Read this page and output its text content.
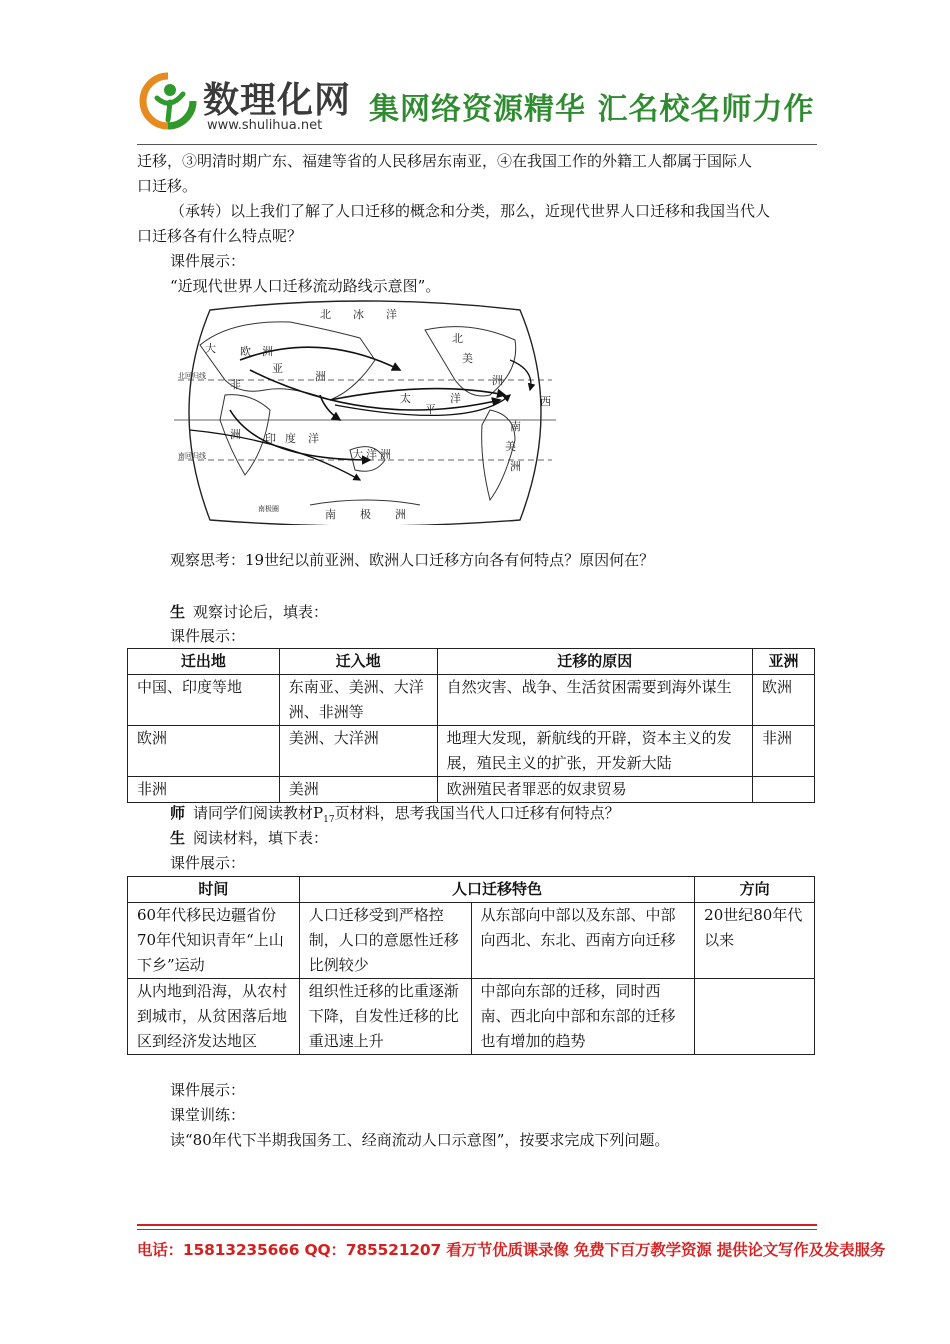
数理化网
www.shulihua.net 集网络资源精华 汇名校名师力作
迁移，③明清时期广东、福建等省的人民移居东南亚，④在我国工作的外籍工人都属于国际人
口迁移。
（承转）以上我们了解了人口迁移的概念和分类，那么，近现代世界人口迁移和我国当代人
口迁移各有什么特点呢？
课件展示：
“近现代世界人口迁移流动路线示意图”。
北 冰 洋
欧 洲
亚
洲
大
非
洲
北
美
洲
太
平
洋
印 度 洋
大 洋 洲
南
美
洲
西
南 极 洲
南回归线
北回归线
南极圈
观察思考：19世纪以前亚洲、欧洲人口迁移方向各有何特点？原因何在？
生 观察讨论后，填表：
课件展示：
迁出地	迁入地	迁移的原因	亚洲
中国、印度等地	东南亚、美洲、大洋洲、非洲等	自然灾害、战争、生活贫困需要到海外谋生	欧洲
欧洲	美洲、大洋洲	地理大发现，新航线的开辟，资本主义的发展，殖民主义的扩张，开发新大陆	非洲
非洲	美洲	欧洲殖民者罪恶的奴隶贸易	
师 请同学们阅读教材$P_{17}$页材料，思考我国当代人口迁移有何特点？
生 阅读材料，填下表：
课件展示：
时间	人口迁移特色		方向
60年代移民边疆省份70年代知识青年“上山下乡”运动	人口迁移受到严格控制，人口的意愿性迁移比例较少	从东部向中部以及东部、中部向西北、东北、西南方向迁移	20世纪80年代以来
从内地到沿海，从农村到城市，从贫困落后地区到经济发达地区	组织性迁移的比重逐渐下降，自发性迁移的比重迅速上升	中部向东部的迁移，同时西南、西北向中部和东部的迁移也有增加的趋势	
课件展示：
课堂训练：
读“80年代下半期我国务工、经商流动人口示意图”，按要求完成下列问题。
电话：15813235666 QQ：785521207 看万节优质课录像 免费下百万教学资源 提供论文写作及发表服务
